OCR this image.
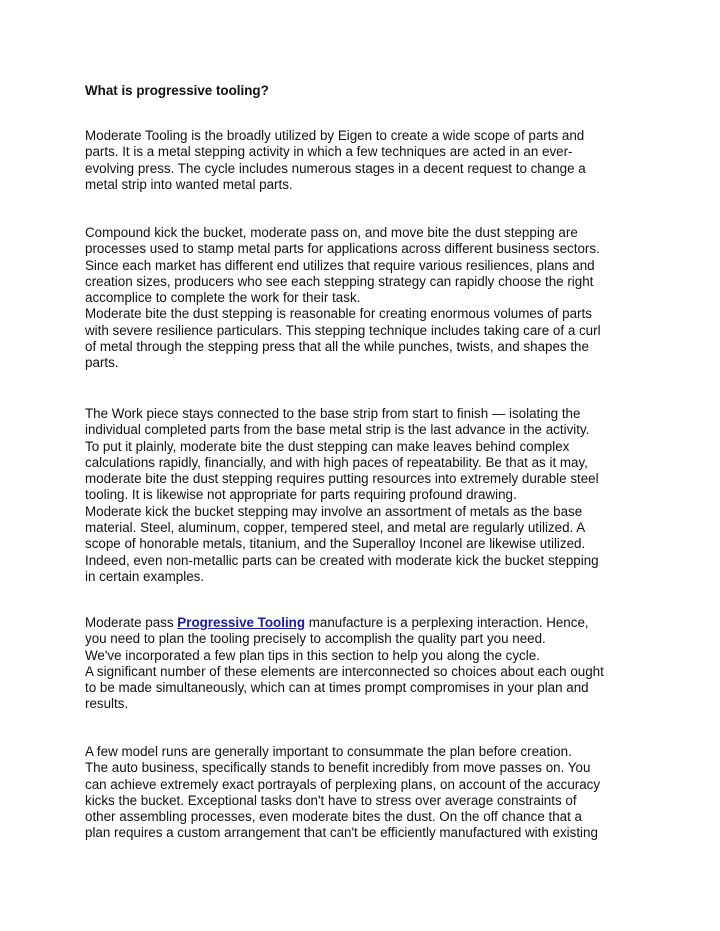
What is progressive tooling?

Moderate Tooling is the broadly utilized by Eigen to create a wide scope of parts and
parts. It is a metal stepping activity in which a few techniques are acted in an ever-
evolving press. The cycle includes numerous stages in a decent request to change a
metal strip into wanted metal parts.

Compound kick the bucket, moderate pass on, and move bite the dust stepping are
processes used to stamp metal parts for applications across different business sectors.
Since each market has different end utilizes that require various resiliences, plans and
creation sizes, producers who see each stepping strategy can rapidly choose the right
accomplice to complete the work for their task.
Moderate bite the dust stepping is reasonable for creating enormous volumes of parts
with severe resilience particulars. This stepping technique includes taking care of a curl
of metal through the stepping press that all the while punches, twists, and shapes the
parts.

The Work piece stays connected to the base strip from start to finish — isolating the
individual completed parts from the base metal strip is the last advance in the activity.
To put it plainly, moderate bite the dust stepping can make leaves behind complex
calculations rapidly, financially, and with high paces of repeatability. Be that as it may,
moderate bite the dust stepping requires putting resources into extremely durable steel
tooling. It is likewise not appropriate for parts requiring profound drawing.
Moderate kick the bucket stepping may involve an assortment of metals as the base
material. Steel, aluminum, copper, tempered steel, and metal are regularly utilized. A
scope of honorable metals, titanium, and the Superalloy Inconel are likewise utilized.
Indeed, even non-metallic parts can be created with moderate kick the bucket stepping
in certain examples.

Moderate pass Progressive Tooling manufacture is a perplexing interaction. Hence,
you need to plan the tooling precisely to accomplish the quality part you need.
We've incorporated a few plan tips in this section to help you along the cycle.
A significant number of these elements are interconnected so choices about each ought
to be made simultaneously, which can at times prompt compromises in your plan and
results.

A few model runs are generally important to consummate the plan before creation.
The auto business, specifically stands to benefit incredibly from move passes on. You
can achieve extremely exact portrayals of perplexing plans, on account of the accuracy
kicks the bucket. Exceptional tasks don't have to stress over average constraints of
other assembling processes, even moderate bites the dust. On the off chance that a
plan requires a custom arrangement that can't be efficiently manufactured with existing
